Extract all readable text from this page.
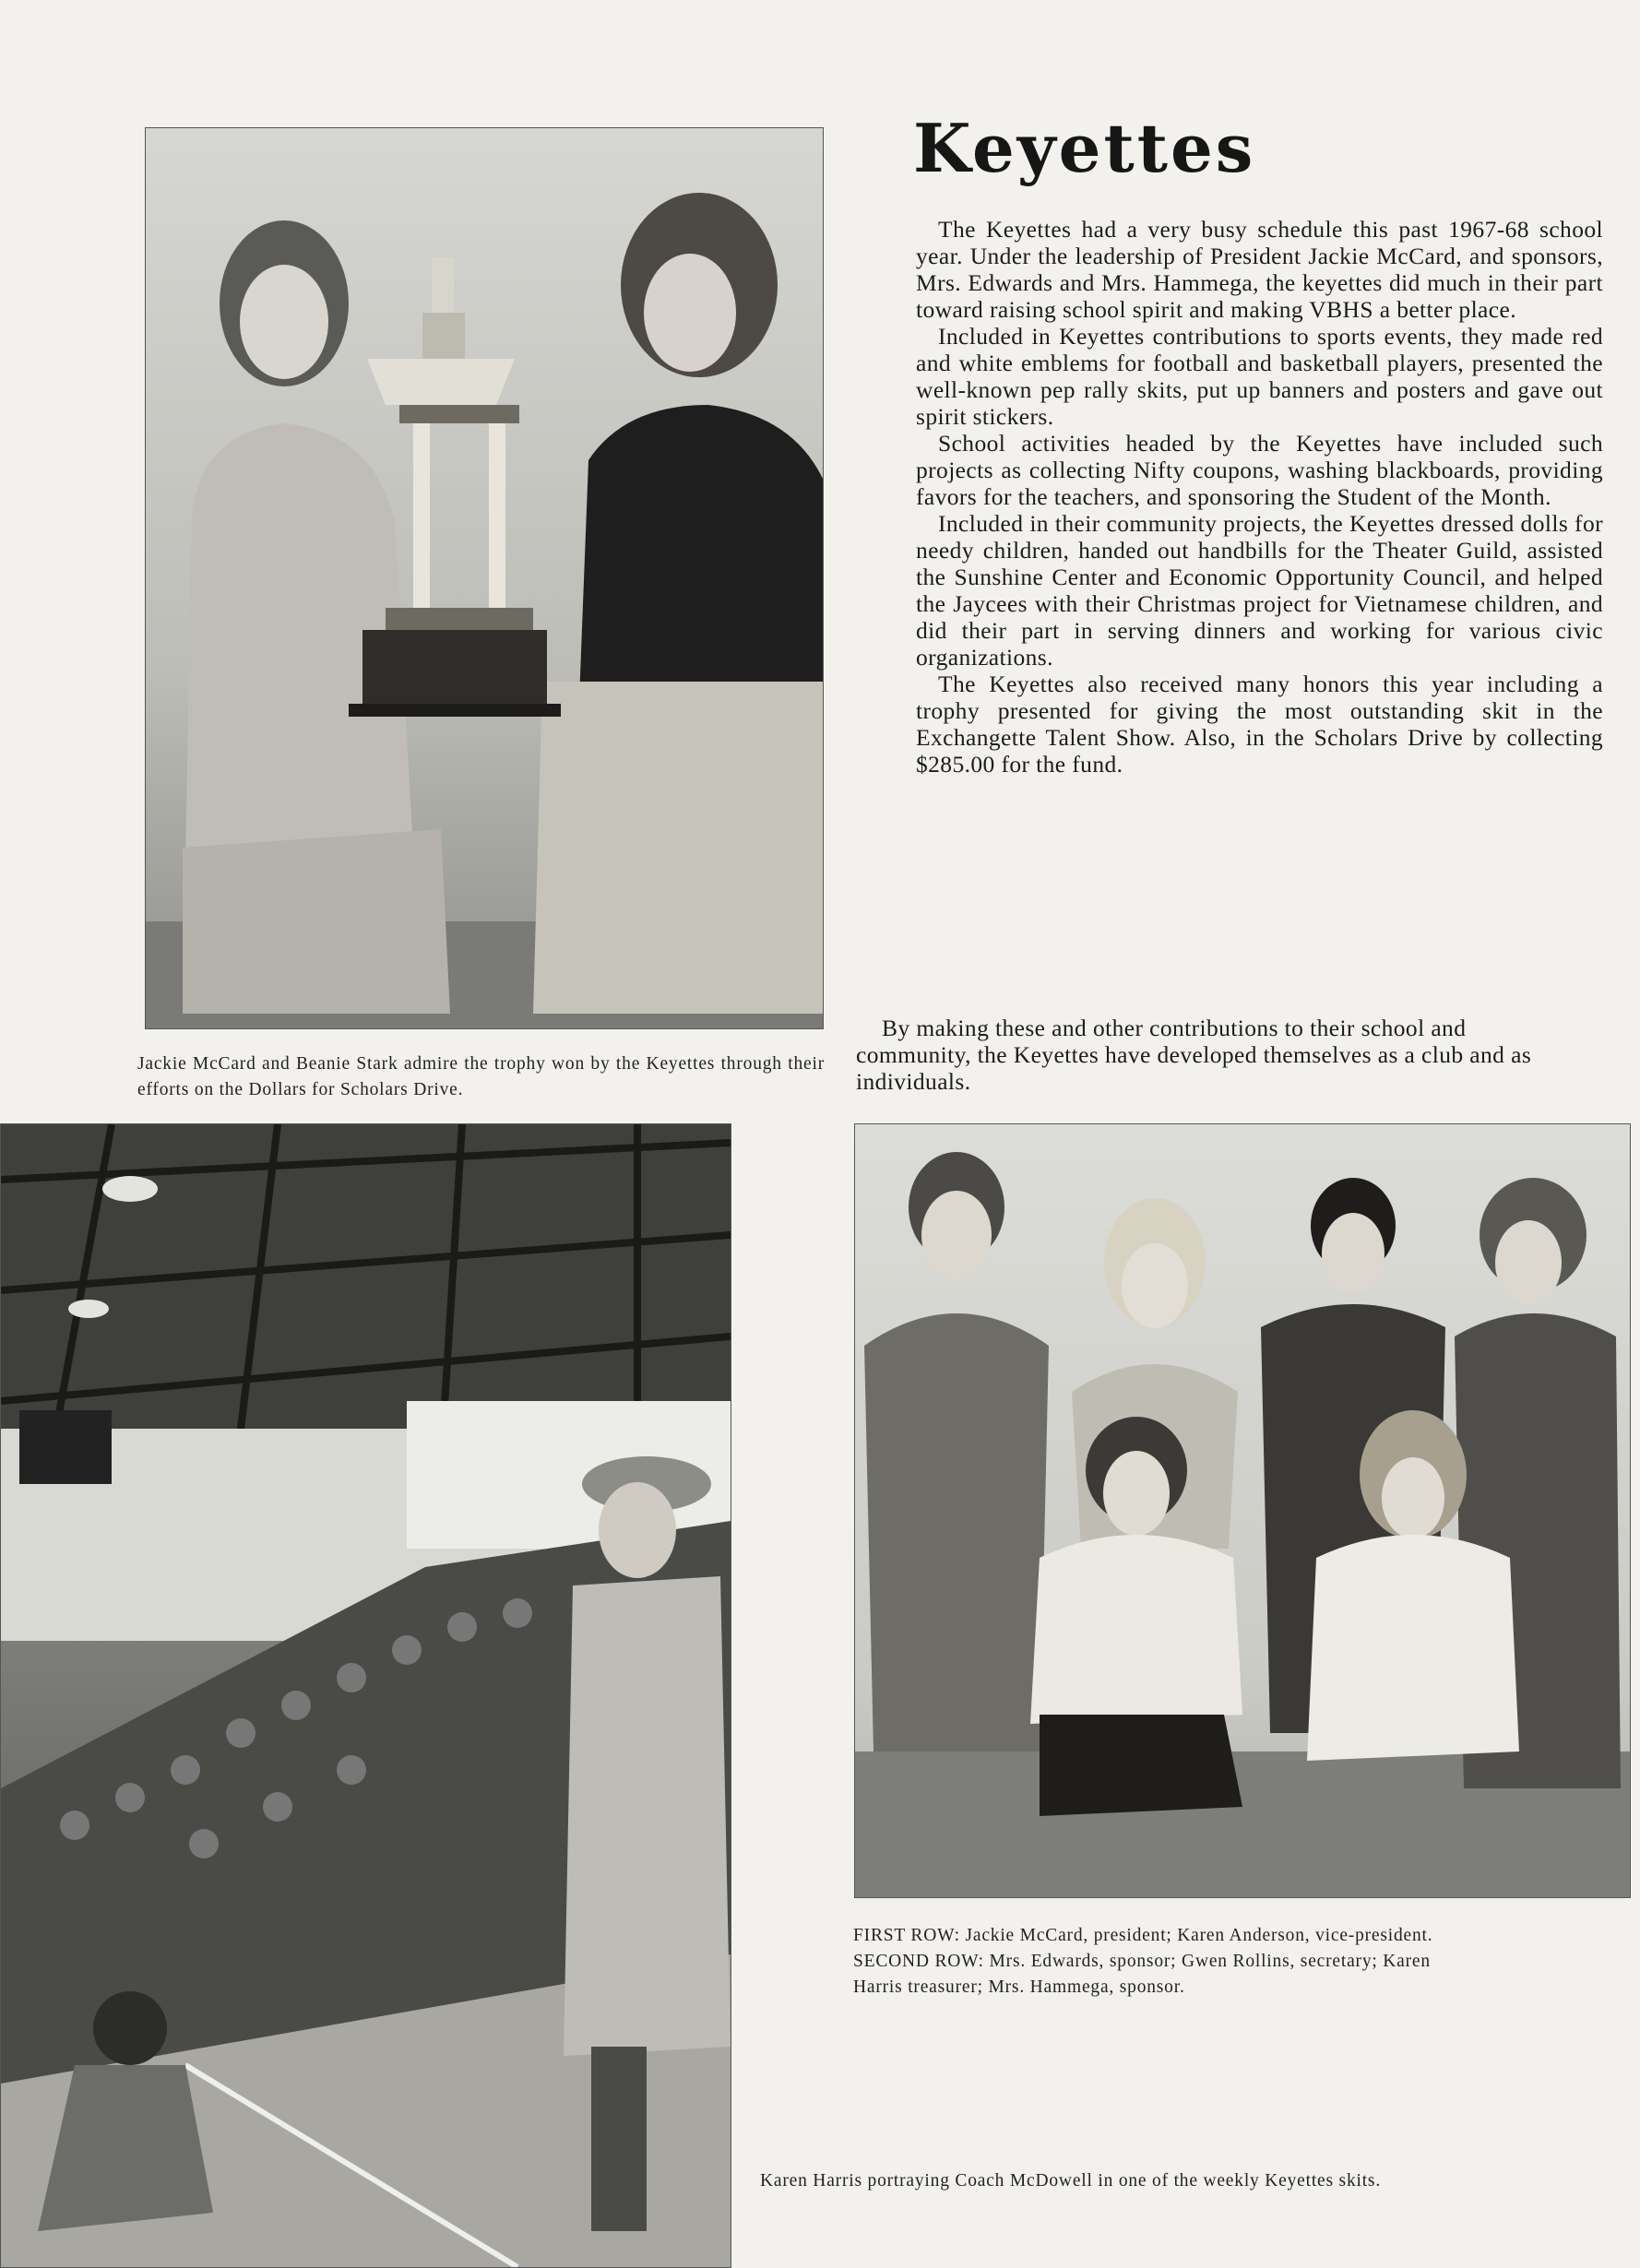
Keyettes

The Keyettes had a very busy schedule this past 1967-68 school year. Under the leadership of President Jackie McCard, and sponsors, Mrs. Edwards and Mrs. Hammega, the keyettes did much in their part toward raising school spirit and making VBHS a better place.

Included in Keyettes contributions to sports events, they made red and white emblems for football and basketball players, presented the well-known pep rally skits, put up banners and posters and gave out spirit stickers.

School activities headed by the Keyettes have included such projects as collecting Nifty coupons, washing blackboards, providing favors for the teachers, and sponsoring the Student of the Month.

Included in their community projects, the Keyettes dressed dolls for needy children, handed out handbills for the Theater Guild, assisted the Sunshine Center and Economic Opportunity Council, and helped the Jaycees with their Christmas project for Vietnamese children, and did their part in serving dinners and working for various civic organizations.

The Keyettes also received many honors this year including a trophy presented for giving the most outstanding skit in the Exchangette Talent Show. Also, in the Scholars Drive by collecting $285.00 for the fund.

By making these and other contributions to their school and community, the Keyettes have developed themselves as a club and as individuals.

Jackie McCard and Beanie Stark admire the trophy won by the Keyettes through their efforts on the Dollars for Scholars Drive.
FIRST ROW: Jackie McCard, president; Karen Anderson, vice-president.
SECOND ROW: Mrs. Edwards, sponsor; Gwen Rollins, secretary; Karen
Harris treasurer; Mrs. Hammega, sponsor.
Karen Harris portraying Coach McDowell in one of the weekly Keyettes skits.
